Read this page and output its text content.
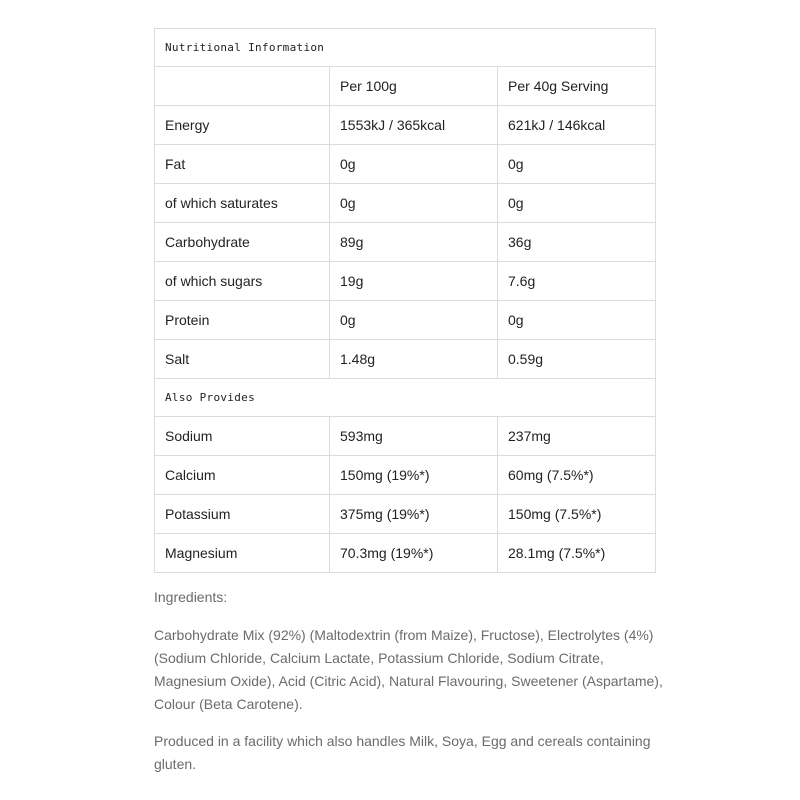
Nutritional Information		
	Per 100g	Per 40g Serving
Energy	1553kJ / 365kcal	621kJ / 146kcal
Fat	0g	0g
of which saturates	0g	0g
Carbohydrate	89g	36g
of which sugars	19g	7.6g
Protein	0g	0g
Salt	1.48g	0.59g
Also Provides		
Sodium	593mg	237mg
Calcium	150mg (19%*)	60mg (7.5%*)
Potassium	375mg (19%*)	150mg (7.5%*)
Magnesium	70.3mg (19%*)	28.1mg (7.5%*)

Ingredients:

Carbohydrate Mix (92%) (Maltodextrin (from Maize), Fructose), Electrolytes (4%) (Sodium Chloride, Calcium Lactate, Potassium Chloride, Sodium Citrate, Magnesium Oxide), Acid (Citric Acid), Natural Flavouring, Sweetener (Aspartame), Colour (Beta Carotene).

Produced in a facility which also handles Milk, Soya, Egg and cereals containing gluten.
